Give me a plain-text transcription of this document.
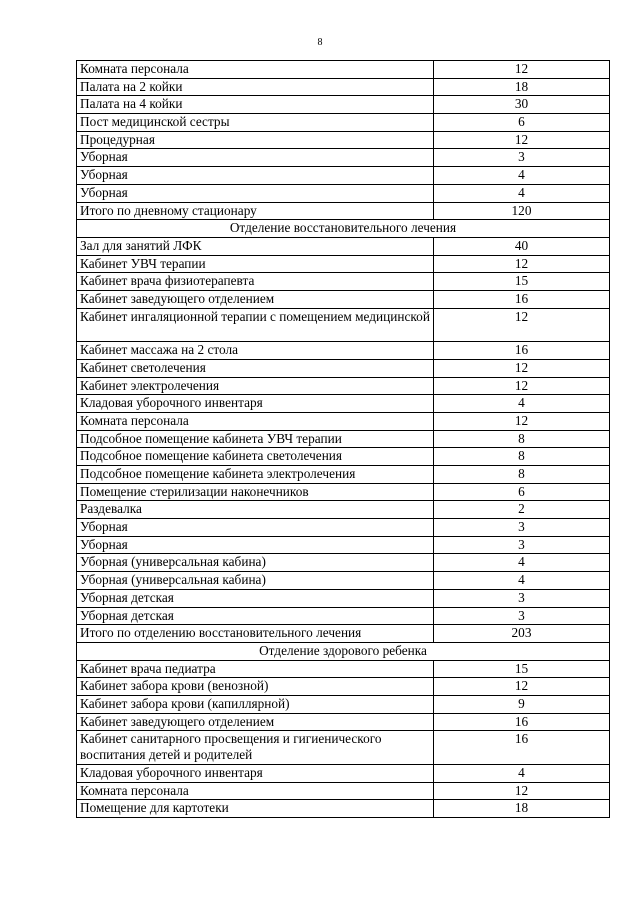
8
Комната персонала	12
Палата на 2 койки	18
Палата на 4 койки	30
Пост медицинской сестры	6
Процедурная	12
Уборная	3
Уборная	4
Уборная	4
Итого по дневному стационару	120
Отделение восстановительного лечения	
Зал для занятий ЛФК	40
Кабинет УВЧ терапии	12
Кабинет врача физиотерапевта	15
Кабинет заведующего отделением	16
Кабинет ингаляционной терапии с помещением медицинской	12
Кабинет массажа на 2 стола	16
Кабинет светолечения	12
Кабинет электролечения	12
Кладовая уборочного инвентаря	4
Комната персонала	12
Подсобное помещение кабинета УВЧ терапии	8
Подсобное помещение кабинета светолечения	8
Подсобное помещение кабинета электролечения	8
Помещение стерилизации наконечников	6
Раздевалка	2
Уборная	3
Уборная	3
Уборная (универсальная кабина)	4
Уборная (универсальная кабина)	4
Уборная детская	3
Уборная детская	3
Итого по отделению восстановительного лечения	203
Отделение здорового ребенка	
Кабинет врача педиатра	15
Кабинет забора крови (венозной)	12
Кабинет забора крови (капиллярной)	9
Кабинет заведующего отделением	16
Кабинет санитарного просвещения и гигиенического воспитания детей и родителей	16
Кладовая уборочного инвентаря	4
Комната персонала	12
Помещение для картотеки	18
